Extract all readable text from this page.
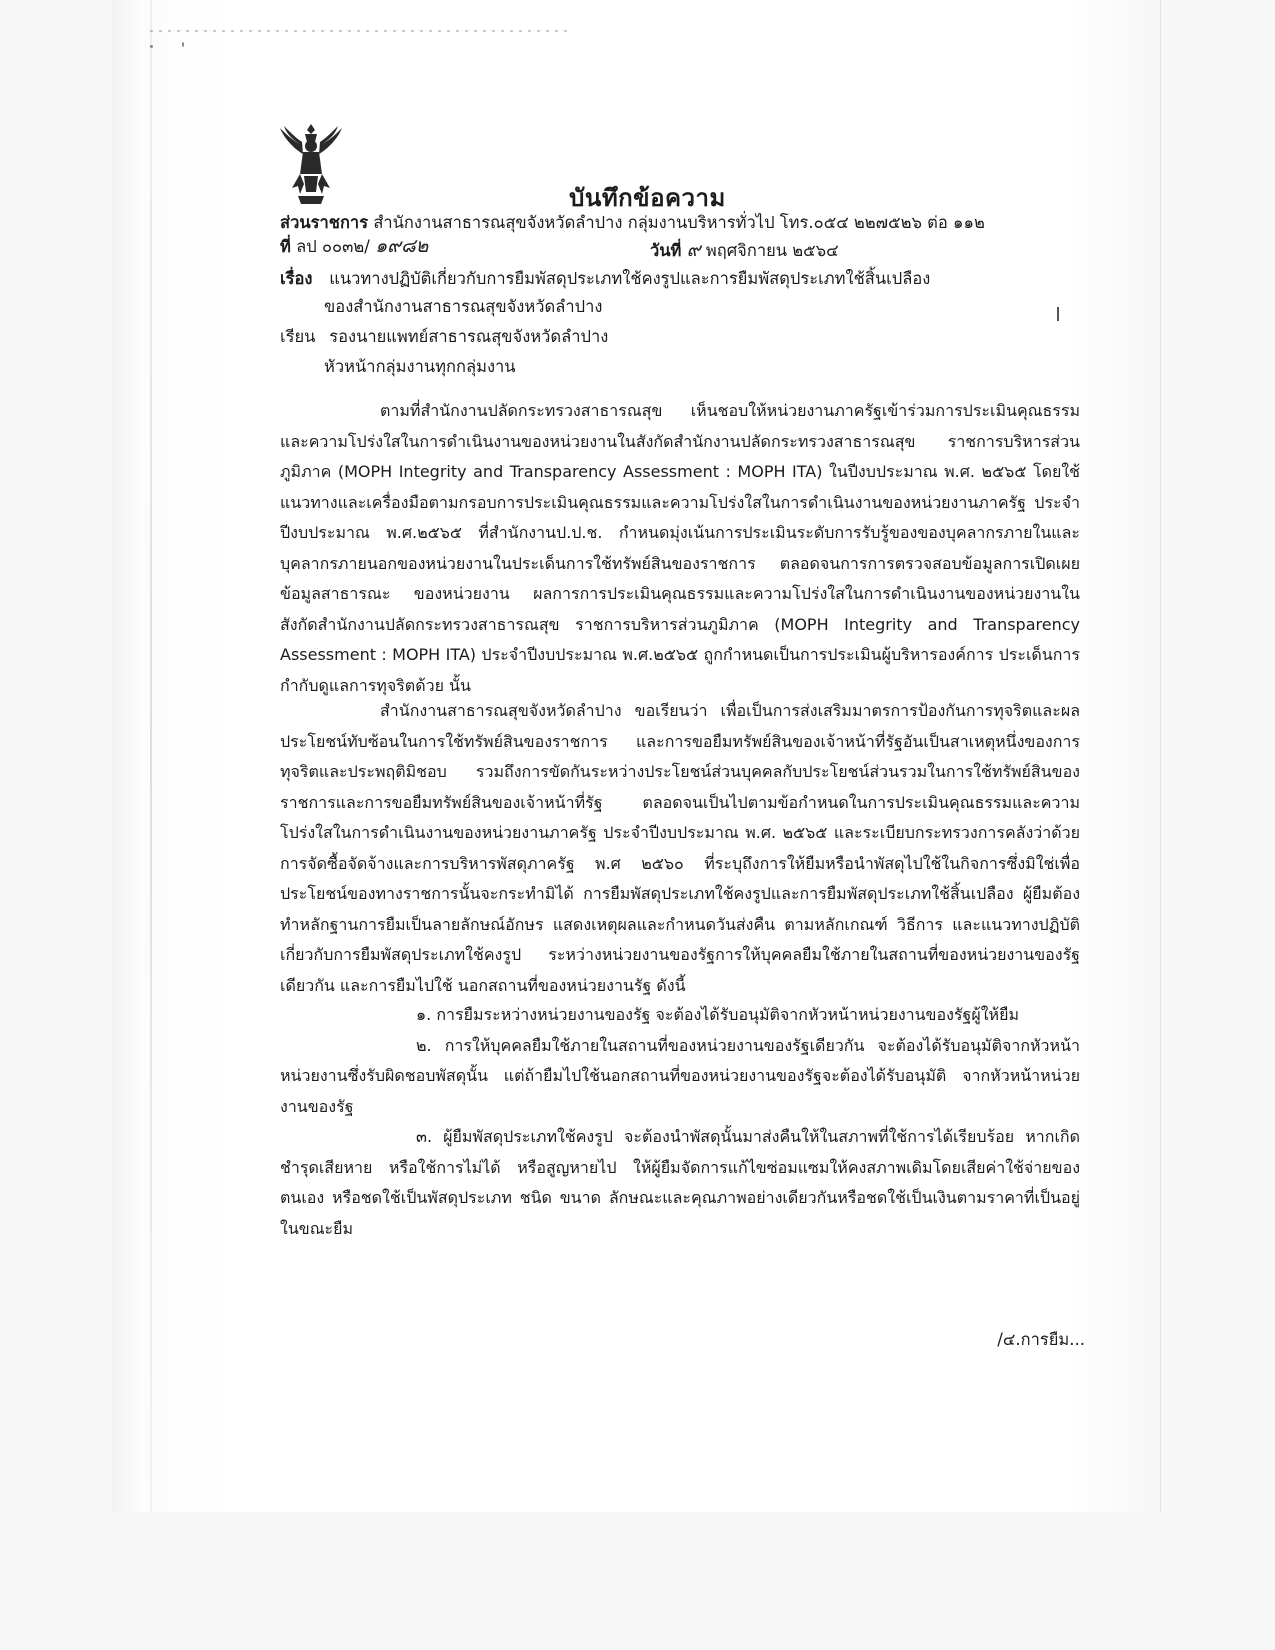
บันทึกข้อความ
ส่วนราชการ สำนักงานสาธารณสุขจังหวัดลำปาง กลุ่มงานบริหารทั่วไป โทร.๐๕๔ ๒๒๗๕๒๖ ต่อ ๑๑๒
ที่ ลป ๐๐๓๒/ ๑๙๘๒	วันที่ ๙ พฤศจิกายน ๒๕๖๔
เรื่อง แนวทางปฏิบัติเกี่ยวกับการยืมพัสดุประเภทใช้คงรูปและการยืมพัสดุประเภทใช้สิ้นเปลือง
ของสำนักงานสาธารณสุขจังหวัดลำปาง
เรียน รองนายแพทย์สาธารณสุขจังหวัดลำปาง
หัวหน้ากลุ่มงานทุกกลุ่มงาน

ตามที่สำนักงานปลัดกระทรวงสาธารณสุข เห็นชอบให้หน่วยงานภาครัฐเข้าร่วมการประเมินคุณธรรมและความโปร่งใสในการดำเนินงานของหน่วยงานในสังกัดสำนักงานปลัดกระทรวงสาธารณสุข ราชการบริหารส่วนภูมิภาค (MOPH Integrity and Transparency Assessment : MOPH ITA) ในปีงบประมาณ พ.ศ. ๒๕๖๕ โดยใช้แนวทางและเครื่องมือตามกรอบการประเมินคุณธรรมและความโปร่งใสในการดำเนินงานของหน่วยงานภาครัฐ ประจำปีงบประมาณ พ.ศ.๒๕๖๕ ที่สำนักงานป.ป.ช. กำหนดมุ่งเน้นการประเมินระดับการรับรู้ของของบุคลากรภายในและบุคลากรภายนอกของหน่วยงานในประเด็นการใช้ทรัพย์สินของราชการ ตลอดจนการการตรวจสอบข้อมูลการเปิดเผยข้อมูลสาธารณะ ของหน่วยงาน ผลการการประเมินคุณธรรมและความโปร่งใสในการดำเนินงานของหน่วยงานในสังกัดสำนักงานปลัดกระทรวงสาธารณสุข ราชการบริหารส่วนภูมิภาค (MOPH Integrity and Transparency Assessment : MOPH ITA) ประจำปีงบประมาณ พ.ศ.๒๕๖๕ ถูกกำหนดเป็นการประเมินผู้บริหารองค์การ ประเด็นการกำกับดูแลการทุจริตด้วย นั้น

สำนักงานสาธารณสุขจังหวัดลำปาง ขอเรียนว่า เพื่อเป็นการส่งเสริมมาตรการป้องกันการทุจริตและผลประโยชน์ทับซ้อนในการใช้ทรัพย์สินของราชการ และการขอยืมทรัพย์สินของเจ้าหน้าที่รัฐอันเป็นสาเหตุหนึ่งของการทุจริตและประพฤติมิชอบ รวมถึงการขัดกันระหว่างประโยชน์ส่วนบุคคลกับประโยชน์ส่วนรวมในการใช้ทรัพย์สินของราชการและการขอยืมทรัพย์สินของเจ้าหน้าที่รัฐ ตลอดจนเป็นไปตามข้อกำหนดในการประเมินคุณธรรมและความโปร่งใสในการดำเนินงานของหน่วยงานภาครัฐ ประจำปีงบประมาณ พ.ศ. ๒๕๖๕ และระเบียบกระทรวงการคลังว่าด้วยการจัดซื้อจัดจ้างและการบริหารพัสดุภาครัฐ พ.ศ ๒๕๖๐ ที่ระบุถึงการให้ยืมหรือนำพัสดุไปใช้ในกิจการซึ่งมิใช่เพื่อประโยชน์ของทางราชการนั้นจะกระทำมิได้ การยืมพัสดุประเภทใช้คงรูปและการยืมพัสดุประเภทใช้สิ้นเปลือง ผู้ยืมต้องทำหลักฐานการยืมเป็นลายลักษณ์อักษร แสดงเหตุผลและกำหนดวันส่งคืน ตามหลักเกณฑ์ วิธีการ และแนวทางปฏิบัติเกี่ยวกับการยืมพัสดุประเภทใช้คงรูป ระหว่างหน่วยงานของรัฐการให้บุคคลยืมใช้ภายในสถานที่ของหน่วยงานของรัฐเดียวกัน และการยืมไปใช้ นอกสถานที่ของหน่วยงานรัฐ ดังนี้

๑. การยืมระหว่างหน่วยงานของรัฐ จะต้องได้รับอนุมัติจากหัวหน้าหน่วยงานของรัฐผู้ให้ยืม

๒. การให้บุคคลยืมใช้ภายในสถานที่ของหน่วยงานของรัฐเดียวกัน จะต้องได้รับอนุมัติจากหัวหน้าหน่วยงานซึ่งรับผิดชอบพัสดุนั้น แต่ถ้ายืมไปใช้นอกสถานที่ของหน่วยงานของรัฐจะต้องได้รับอนุมัติ จากหัวหน้าหน่วยงานของรัฐ

๓. ผู้ยืมพัสดุประเภทใช้คงรูป จะต้องนำพัสดุนั้นมาส่งคืนให้ในสภาพที่ใช้การได้เรียบร้อย หากเกิดชำรุดเสียหาย หรือใช้การไม่ได้ หรือสูญหายไป ให้ผู้ยืมจัดการแก้ไขซ่อมแซมให้คงสภาพเดิมโดยเสียค่าใช้จ่ายของตนเอง หรือชดใช้เป็นพัสดุประเภท ชนิด ขนาด ลักษณะและคุณภาพอย่างเดียวกันหรือชดใช้เป็นเงินตามราคาที่เป็นอยู่ในขณะยืม

/๔.การยืม...
